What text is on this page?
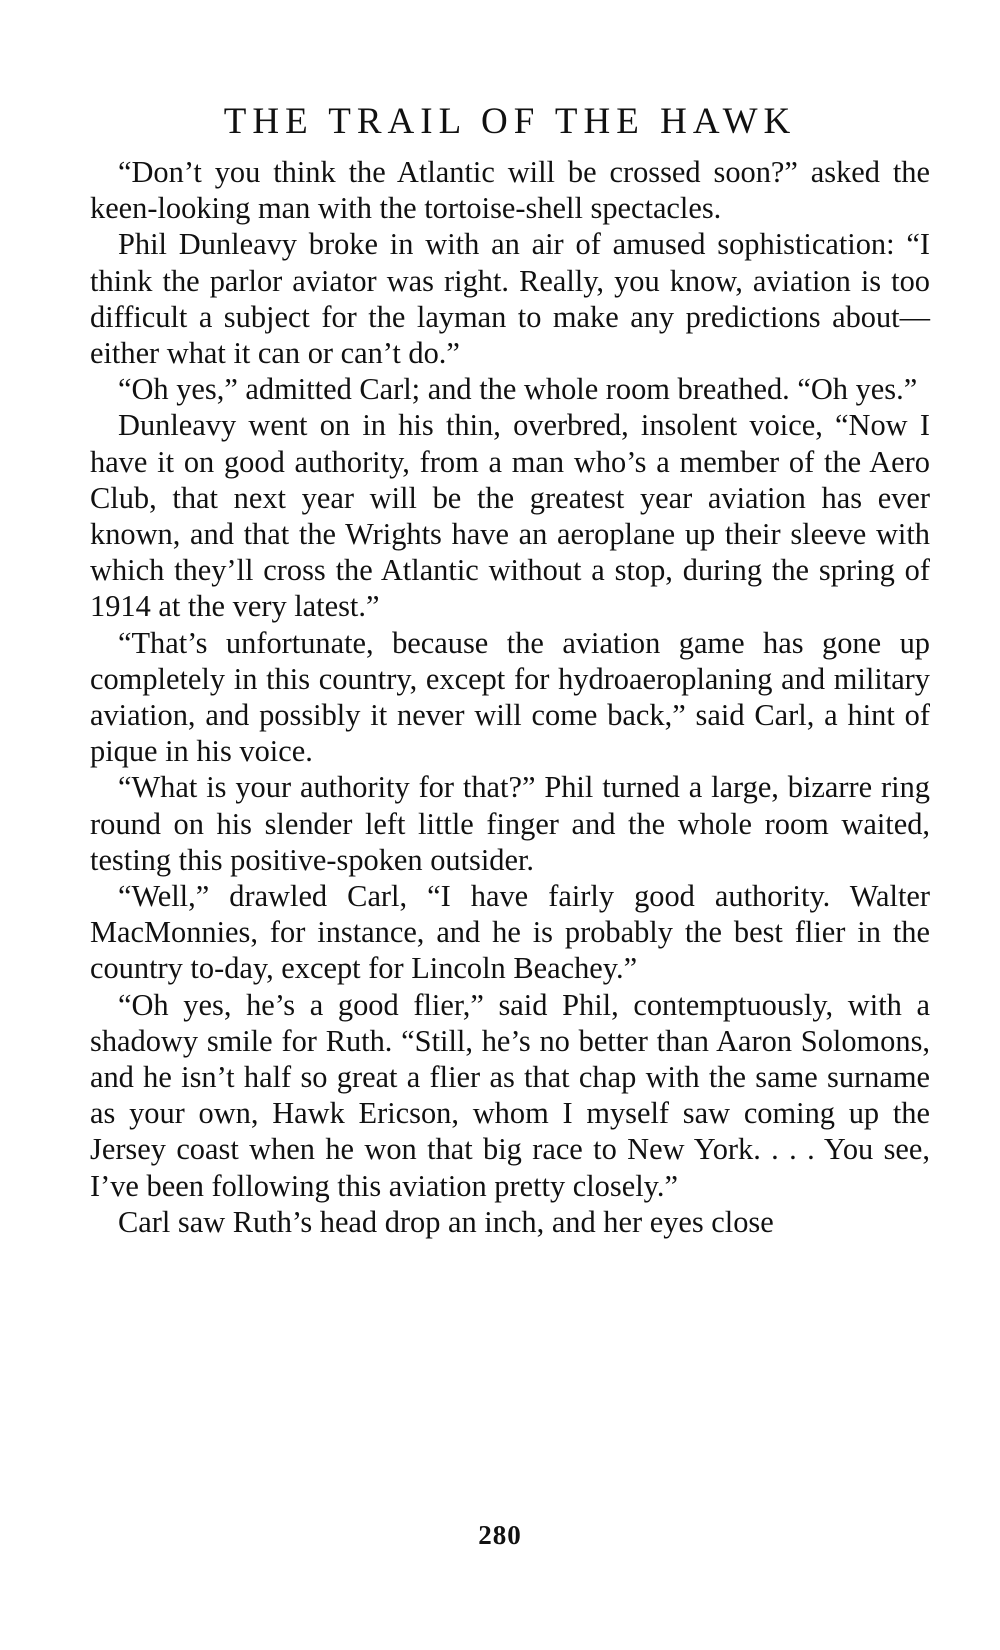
THE TRAIL OF THE HAWK

“Don’t you think the Atlantic will be crossed soon?” asked the keen-looking man with the tortoise-shell spectacles.

Phil Dunleavy broke in with an air of amused sophistication: “I think the parlor aviator was right. Really, you know, aviation is too difficult a subject for the layman to make any predictions about—either what it can or can’t do.”

“Oh yes,” admitted Carl; and the whole room breathed. “Oh yes.”

Dunleavy went on in his thin, overbred, insolent voice, “Now I have it on good authority, from a man who’s a member of the Aero Club, that next year will be the greatest year aviation has ever known, and that the Wrights have an aeroplane up their sleeve with which they’ll cross the Atlantic without a stop, during the spring of 1914 at the very latest.”

“That’s unfortunate, because the aviation game has gone up completely in this country, except for hydroaeroplaning and military aviation, and possibly it never will come back,” said Carl, a hint of pique in his voice.

“What is your authority for that?” Phil turned a large, bizarre ring round on his slender left little finger and the whole room waited, testing this positive-spoken outsider.

“Well,” drawled Carl, “I have fairly good authority. Walter MacMonnies, for instance, and he is probably the best flier in the country to-day, except for Lincoln Beachey.”

“Oh yes, he’s a good flier,” said Phil, contemptuously, with a shadowy smile for Ruth. “Still, he’s no better than Aaron Solomons, and he isn’t half so great a flier as that chap with the same surname as your own, Hawk Ericson, whom I myself saw coming up the Jersey coast when he won that big race to New York. . . . You see, I’ve been following this aviation pretty closely.”

Carl saw Ruth’s head drop an inch, and her eyes close

280
